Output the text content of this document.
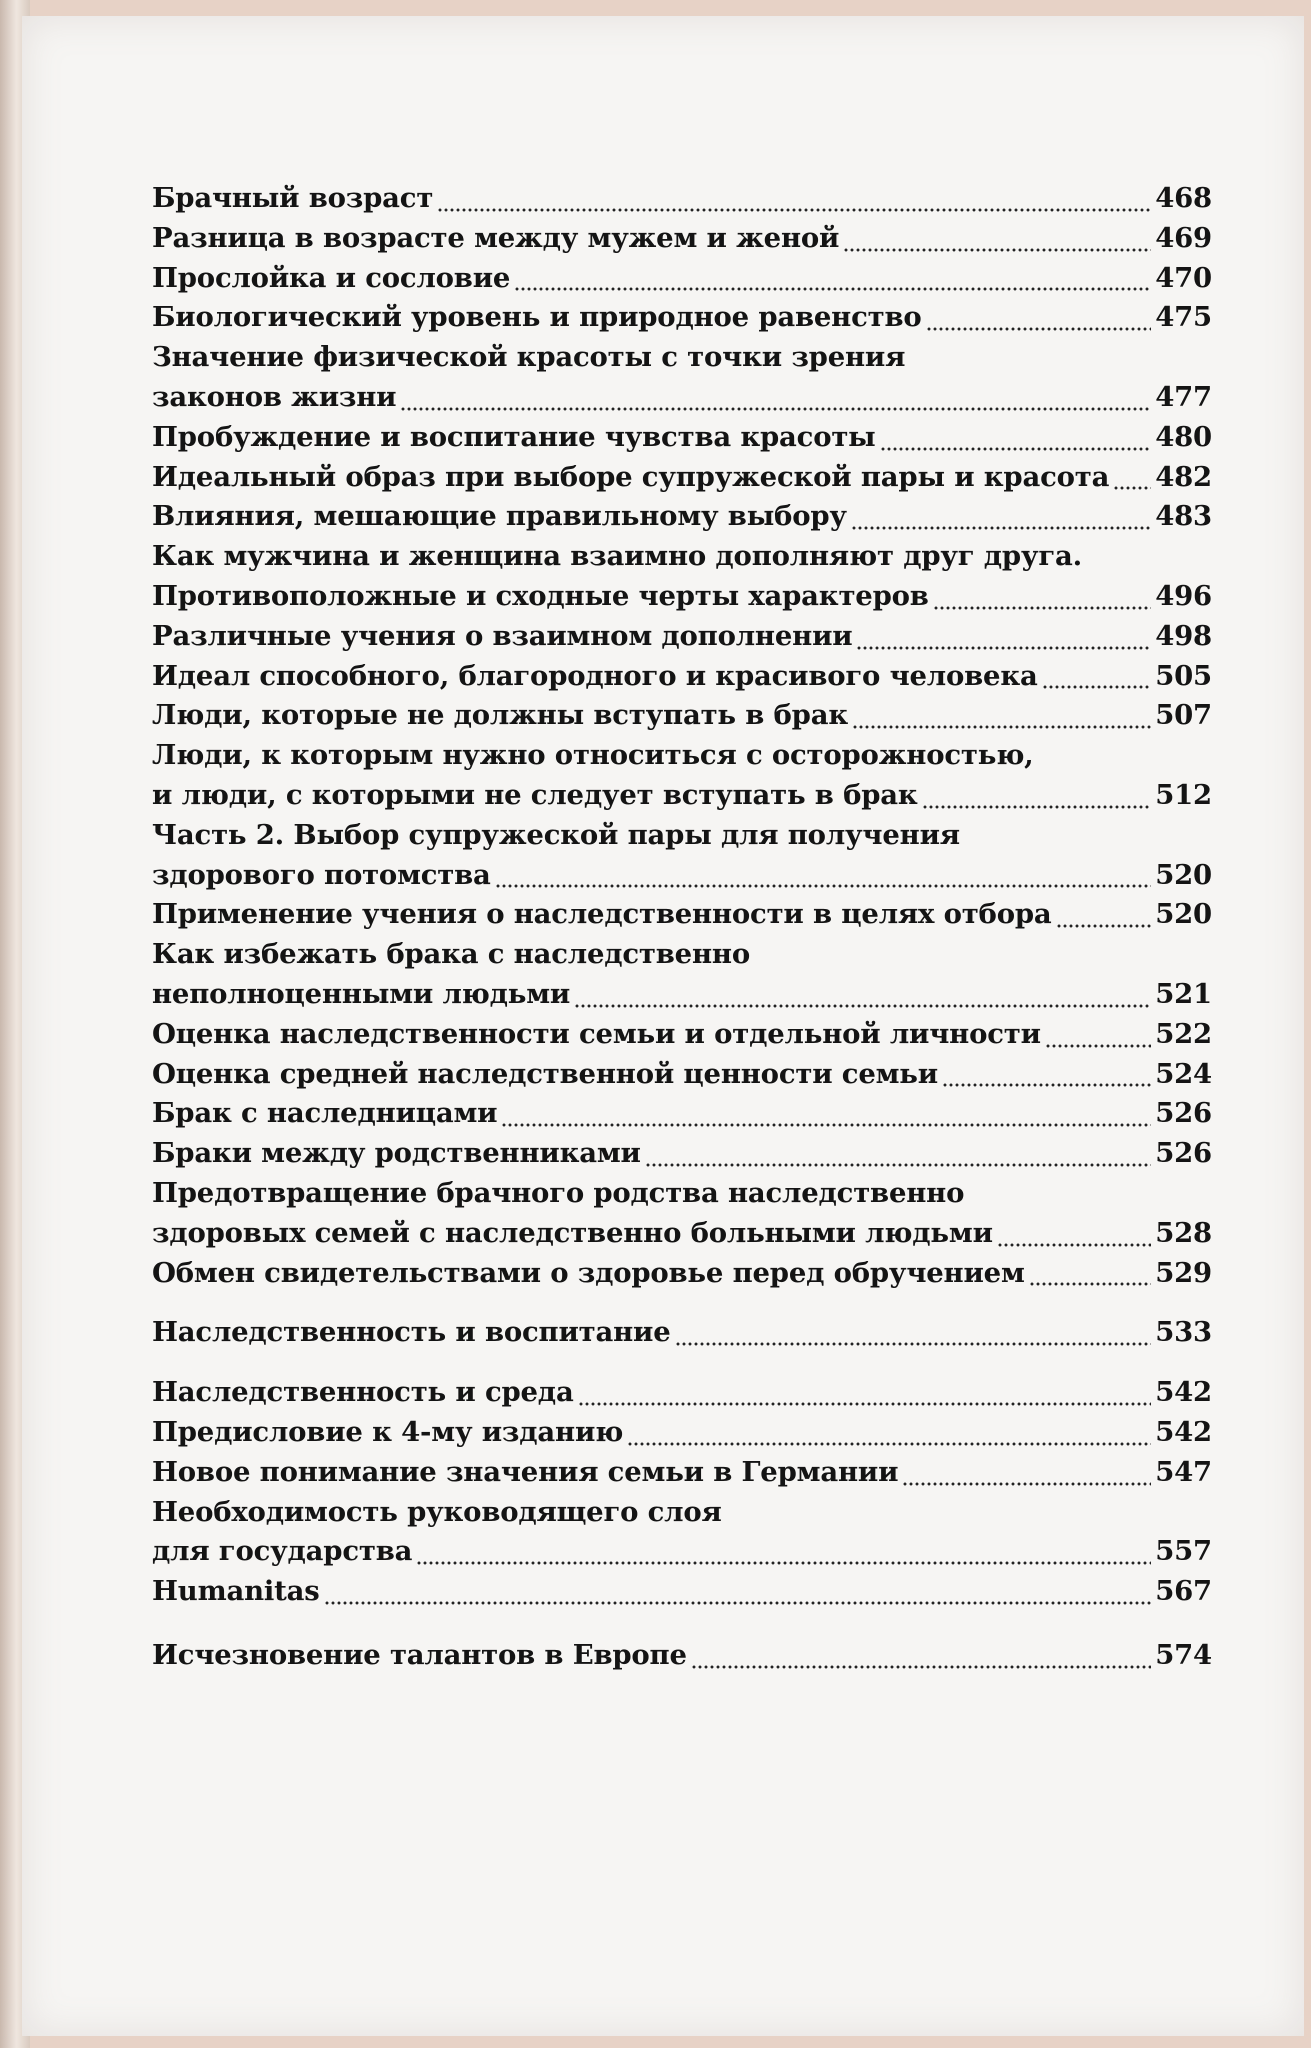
Брачный возраст	468
Разница в возрасте между мужем и женой	469
Прослойка и сословие	470
Биологический уровень и природное равенство	475
Значение физической красоты с точки зрения
законов жизни	477
Пробуждение и воспитание чувства красоты	480
Идеальный образ при выборе супружеской пары и красота 482
Влияния, мешающие правильному выбору	483
Как мужчина и женщина взаимно дополняют друг друга.
Противоположные и сходные черты характеров	496
Различные учения о взаимном дополнении	498
Идеал способного, благородного и красивого человека	505
Люди, которые не должны вступать в брак	507
Люди, к которым нужно относиться с осторожностью,
и люди, с которыми не следует вступать в брак	512
Часть 2. Выбор супружеской пары для получения
здорового потомства	520
Применение учения о наследственности в целях отбора	520
Как избежать брака с наследственно
неполноценными людьми	521
Оценка наследственности семьи и отдельной личности	522
Оценка средней наследственной ценности семьи	524
Брак с наследницами	526
Браки между родственниками	526
Предотвращение брачного родства наследственно
здоровых семей с наследственно больными людьми	528
Обмен свидетельствами о здоровье перед обручением	529
Наследственность и воспитание	533
Наследственность и среда	542
Предисловие к 4-му изданию	542
Новое понимание значения семьи в Германии	547
Необходимость руководящего слоя
для государства	557
Humanitas	567
Исчезновение талантов в Европе	574
